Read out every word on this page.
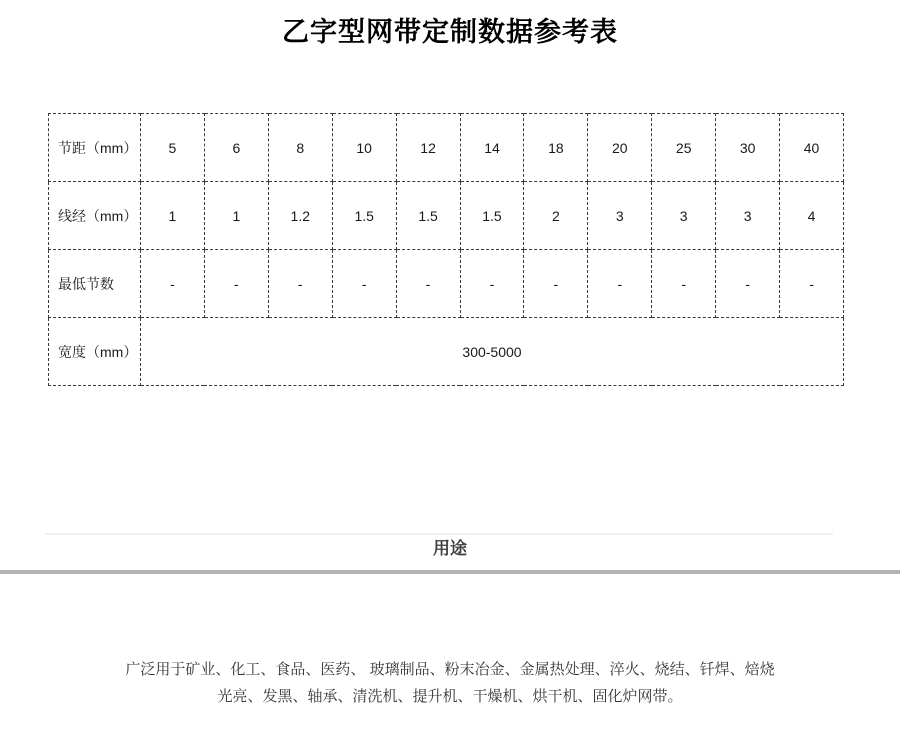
乙字型网带定制数据参考表
节距（mm）	5	6	8	10	12	14	18	20	25	30	40
线经（mm）	1	1	1.2	1.5	1.5	1.5	2	3	3	3	4
最低节数	-	-	-	-	-	-	-	-	-	-	-
宽度（mm）	300-5000										
用途
广泛用于矿业、化工、食品、医药、 玻璃制品、粉末冶金、金属热处理、淬火、烧结、钎焊、焙烧
光亮、发黑、轴承、清洗机、提升机、干燥机、烘干机、固化炉网带。
